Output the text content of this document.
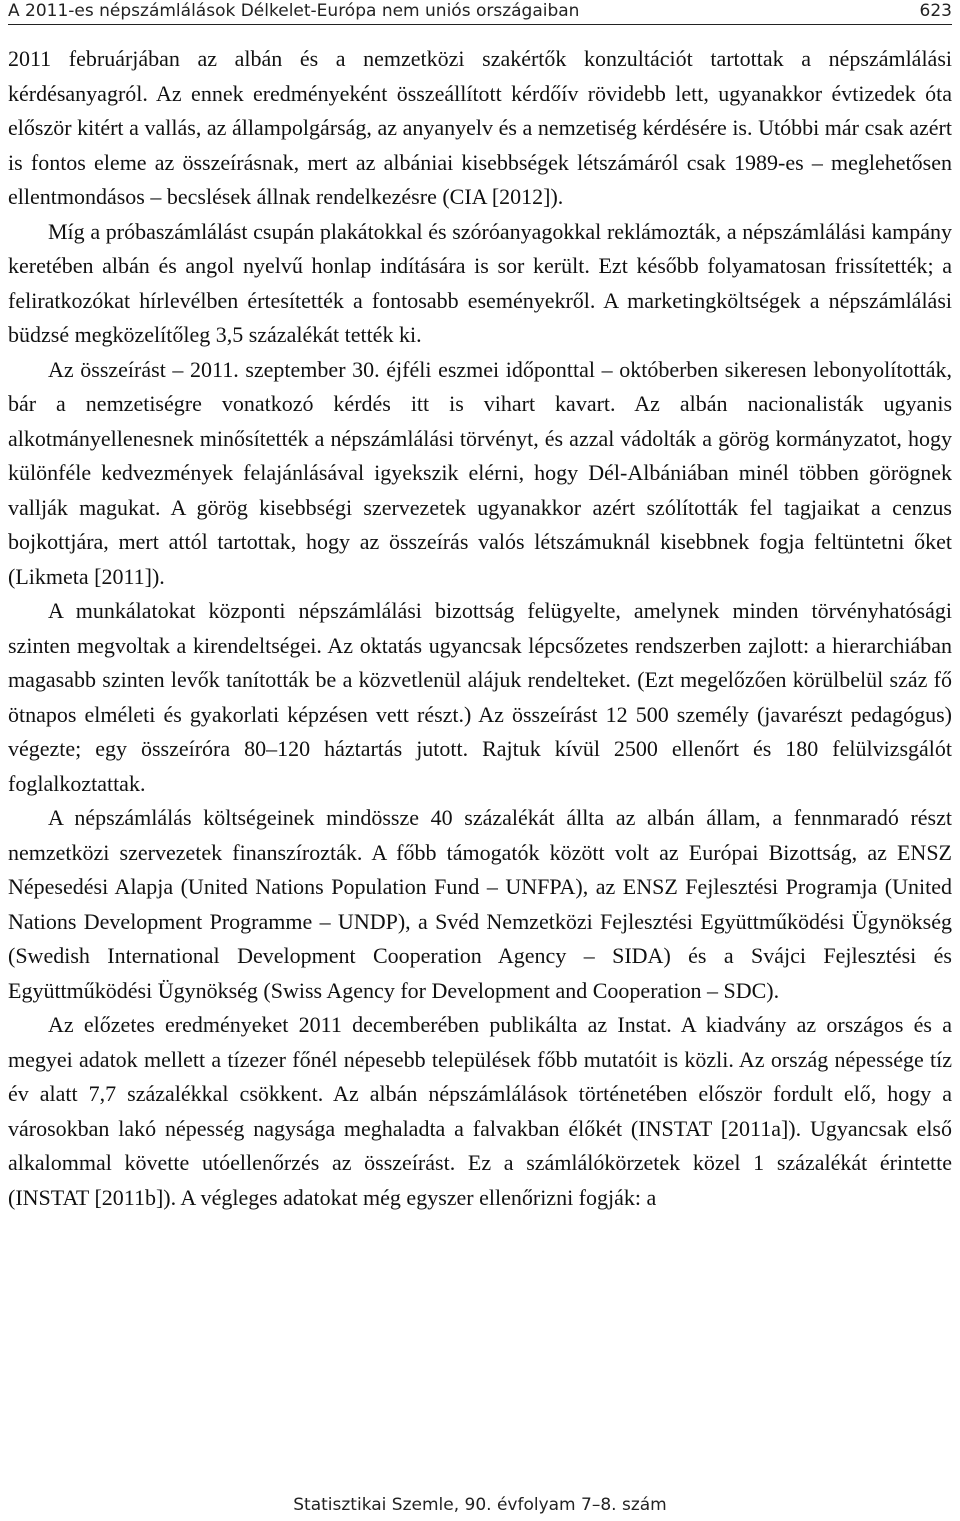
A 2011-es népszámlálások Délkelet-Európa nem uniós országaiban	623

2011 februárjában az albán és a nemzetközi szakértők konzultációt tartottak a népszámlálási kérdésanyagról. Az ennek eredményeként összeállított kérdőív rövidebb lett, ugyanakkor évtizedek óta először kitért a vallás, az állampolgárság, az anyanyelv és a nemzetiség kérdésére is. Utóbbi már csak azért is fontos eleme az összeírásnak, mert az albániai kisebbségek létszámáról csak 1989-es – meglehetősen ellentmondásos – becslések állnak rendelkezésre (CIA [2012]).

Míg a próbaszámlálást csupán plakátokkal és szóróanyagokkal reklámozták, a népszámlálási kampány keretében albán és angol nyelvű honlap indítására is sor került. Ezt később folyamatosan frissítették; a feliratkozókat hírlevélben értesítették a fontosabb eseményekről. A marketingköltségek a népszámlálási büdzsé megközelítőleg 3,5 százalékát tették ki.

Az összeírást – 2011. szeptember 30. éjféli eszmei időponttal – októberben sikeresen lebonyolították, bár a nemzetiségre vonatkozó kérdés itt is vihart kavart. Az albán nacionalisták ugyanis alkotmányellenesnek minősítették a népszámlálási törvényt, és azzal vádolták a görög kormányzatot, hogy különféle kedvezmények felajánlásával igyekszik elérni, hogy Dél-Albániában minél többen görögnek vallják magukat. A görög kisebbségi szervezetek ugyanakkor azért szólították fel tagjaikat a cenzus bojkottjára, mert attól tartottak, hogy az összeírás valós létszámuknál kisebbnek fogja feltüntetni őket (Likmeta [2011]).

A munkálatokat központi népszámlálási bizottság felügyelte, amelynek minden törvényhatósági szinten megvoltak a kirendeltségei. Az oktatás ugyancsak lépcsőzetes rendszerben zajlott: a hierarchiában magasabb szinten levők tanították be a közvetlenül alájuk rendelteket. (Ezt megelőzően körülbelül száz fő ötnapos elméleti és gyakorlati képzésen vett részt.) Az összeírást 12 500 személy (javarészt pedagógus) végezte; egy összeíróra 80–120 háztartás jutott. Rajtuk kívül 2500 ellenőrt és 180 felülvizsgálót foglalkoztattak.

A népszámlálás költségeinek mindössze 40 százalékát állta az albán állam, a fennmaradó részt nemzetközi szervezetek finanszírozták. A főbb támogatók között volt az Európai Bizottság, az ENSZ Népesedési Alapja (United Nations Population Fund – UNFPA), az ENSZ Fejlesztési Programja (United Nations Development Programme – UNDP), a Svéd Nemzetközi Fejlesztési Együttműködési Ügynökség (Swedish International Development Cooperation Agency – SIDA) és a Svájci Fejlesztési és Együttműködési Ügynökség (Swiss Agency for Development and Cooperation – SDC).

Az előzetes eredményeket 2011 decemberében publikálta az Instat. A kiadvány az országos és a megyei adatok mellett a tízezer főnél népesebb települések főbb mutatóit is közli. Az ország népessége tíz év alatt 7,7 százalékkal csökkent. Az albán népszámlálások történetében először fordult elő, hogy a városokban lakó népesség nagysága meghaladta a falvakban élőkét (INSTAT [2011a]). Ugyancsak első alkalommal követte utóellenőrzés az összeírást. Ez a számlálókörzetek közel 1 százalékát érintette (INSTAT [2011b]). A végleges adatokat még egyszer ellenőrizni fogják: a

Statisztikai Szemle, 90. évfolyam 7–8. szám
